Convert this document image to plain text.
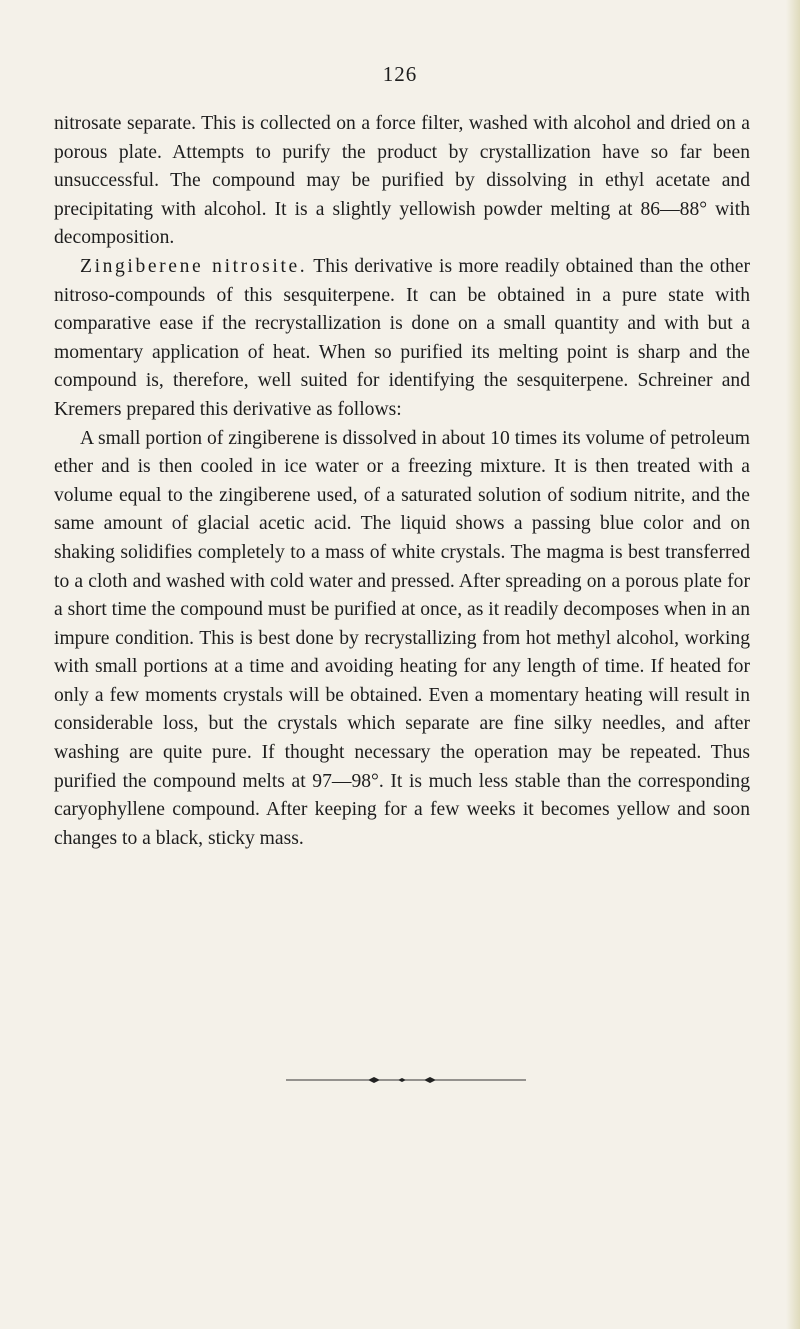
126

nitrosate separate. This is collected on a force filter, washed with alcohol and dried on a porous plate. Attempts to purify the product by crystallization have so far been unsuccessful. The compound may be purified by dissolving in ethyl acetate and precipitating with alcohol. It is a slightly yellowish powder melting at 86—88° with decomposition.

Zingiberene nitrosite. This derivative is more readily obtained than the other nitroso-compounds of this sesquiterpene. It can be obtained in a pure state with comparative ease if the recrystallization is done on a small quantity and with but a momentary application of heat. When so purified its melting point is sharp and the compound is, therefore, well suited for identifying the sesquiterpene. Schreiner and Kremers prepared this derivative as follows:

A small portion of zingiberene is dissolved in about 10 times its volume of petroleum ether and is then cooled in ice water or a freezing mixture. It is then treated with a volume equal to the zingiberene used, of a saturated solution of sodium nitrite, and the same amount of glacial acetic acid. The liquid shows a passing blue color and on shaking solidifies completely to a mass of white crystals. The magma is best transferred to a cloth and washed with cold water and pressed. After spreading on a porous plate for a short time the compound must be purified at once, as it readily decomposes when in an impure condition. This is best done by recrystallizing from hot methyl alcohol, working with small portions at a time and avoiding heating for any length of time. If heated for only a few moments crystals will be obtained. Even a momentary heating will result in considerable loss, but the crystals which separate are fine silky needles, and after washing are quite pure. If thought necessary the operation may be repeated. Thus purified the compound melts at 97—98°. It is much less stable than the corresponding caryophyllene compound. After keeping for a few weeks it becomes yellow and soon changes to a black, sticky mass.
